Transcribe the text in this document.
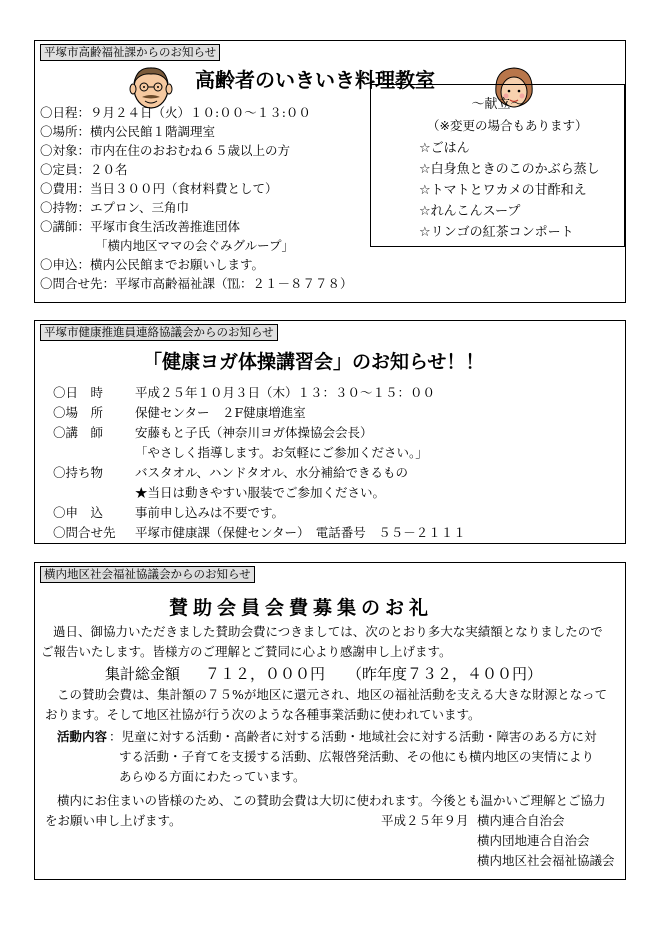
平塚市高齢福祉課からのお知らせ
高齢者のいきいき料理教室
〇日程：９月２４日（火）１０:００～１３:００
〇場所：横内公民館１階調理室
〇対象：市内在住のおおむね６５歳以上の方
〇定員：２０名
〇費用：当日３００円（食材料費として）
〇持物：エプロン、三角巾
〇講師：平塚市食生活改善推進団体
「横内地区ママの会ぐみグループ」
〇申込：横内公民館までお願いします。
〇問合せ先：平塚市高齢福祉課（℡：２１－８７７８）
～献立～
（※変更の場合もあります）
☆ごはん
☆白身魚ときのこのかぶら蒸し
☆トマトとワカメの甘酢和え
☆れんこんスープ
☆リンゴの紅茶コンポート
平塚市健康推進員連絡協議会からのお知らせ
「健康ヨガ体操講習会」のお知らせ！！
〇日　時	平成２５年１０月３日（木）１３：３０～１５：００
〇場　所	保健センター　２F健康増進室
〇講　師	安藤もと子氏（神奈川ヨガ体操協会会長）
「やさしく指導します。お気軽にご参加ください。」
〇持ち物	バスタオル、ハンドタオル、水分補給できるもの
★当日は動きやすい服装でご参加ください。
〇申　込	事前申し込みは不要です。
〇問合せ先 平塚市健康課（保健センター）　電話番号　５５－２１１１
横内地区社会福祉協議会からのお知らせ
賛助会員会費募集のお礼
過日、御協力いただきました賛助会費につきましては、次のとおり多大な実績額となりましたので
ご報告いたします。皆様方のご理解とご賛同に心より感謝申し上げます。
集計総金額 ７１２，０００円 （昨年度７３２，４００円）
この賛助会費は、集計額の７５%が地区に還元され、地区の福祉活動を支える大きな財源となって
おります。そして地区社協が行う次のような各種事業活動に使われています。
活動内容 ：児童に対する活動・高齢者に対する活動・地域社会に対する活動・障害のある方に対
する活動・子育てを支援する活動、広報啓発活動、その他にも横内地区の実情により
あらゆる方面にわたっています。
横内にお住まいの皆様のため、この賛助会費は大切に使われます。今後とも温かいご理解とご協力
をお願い申し上げます。	平成２５年９月 横内連合自治会
横内団地連合自治会
横内地区社会福祉協議会
